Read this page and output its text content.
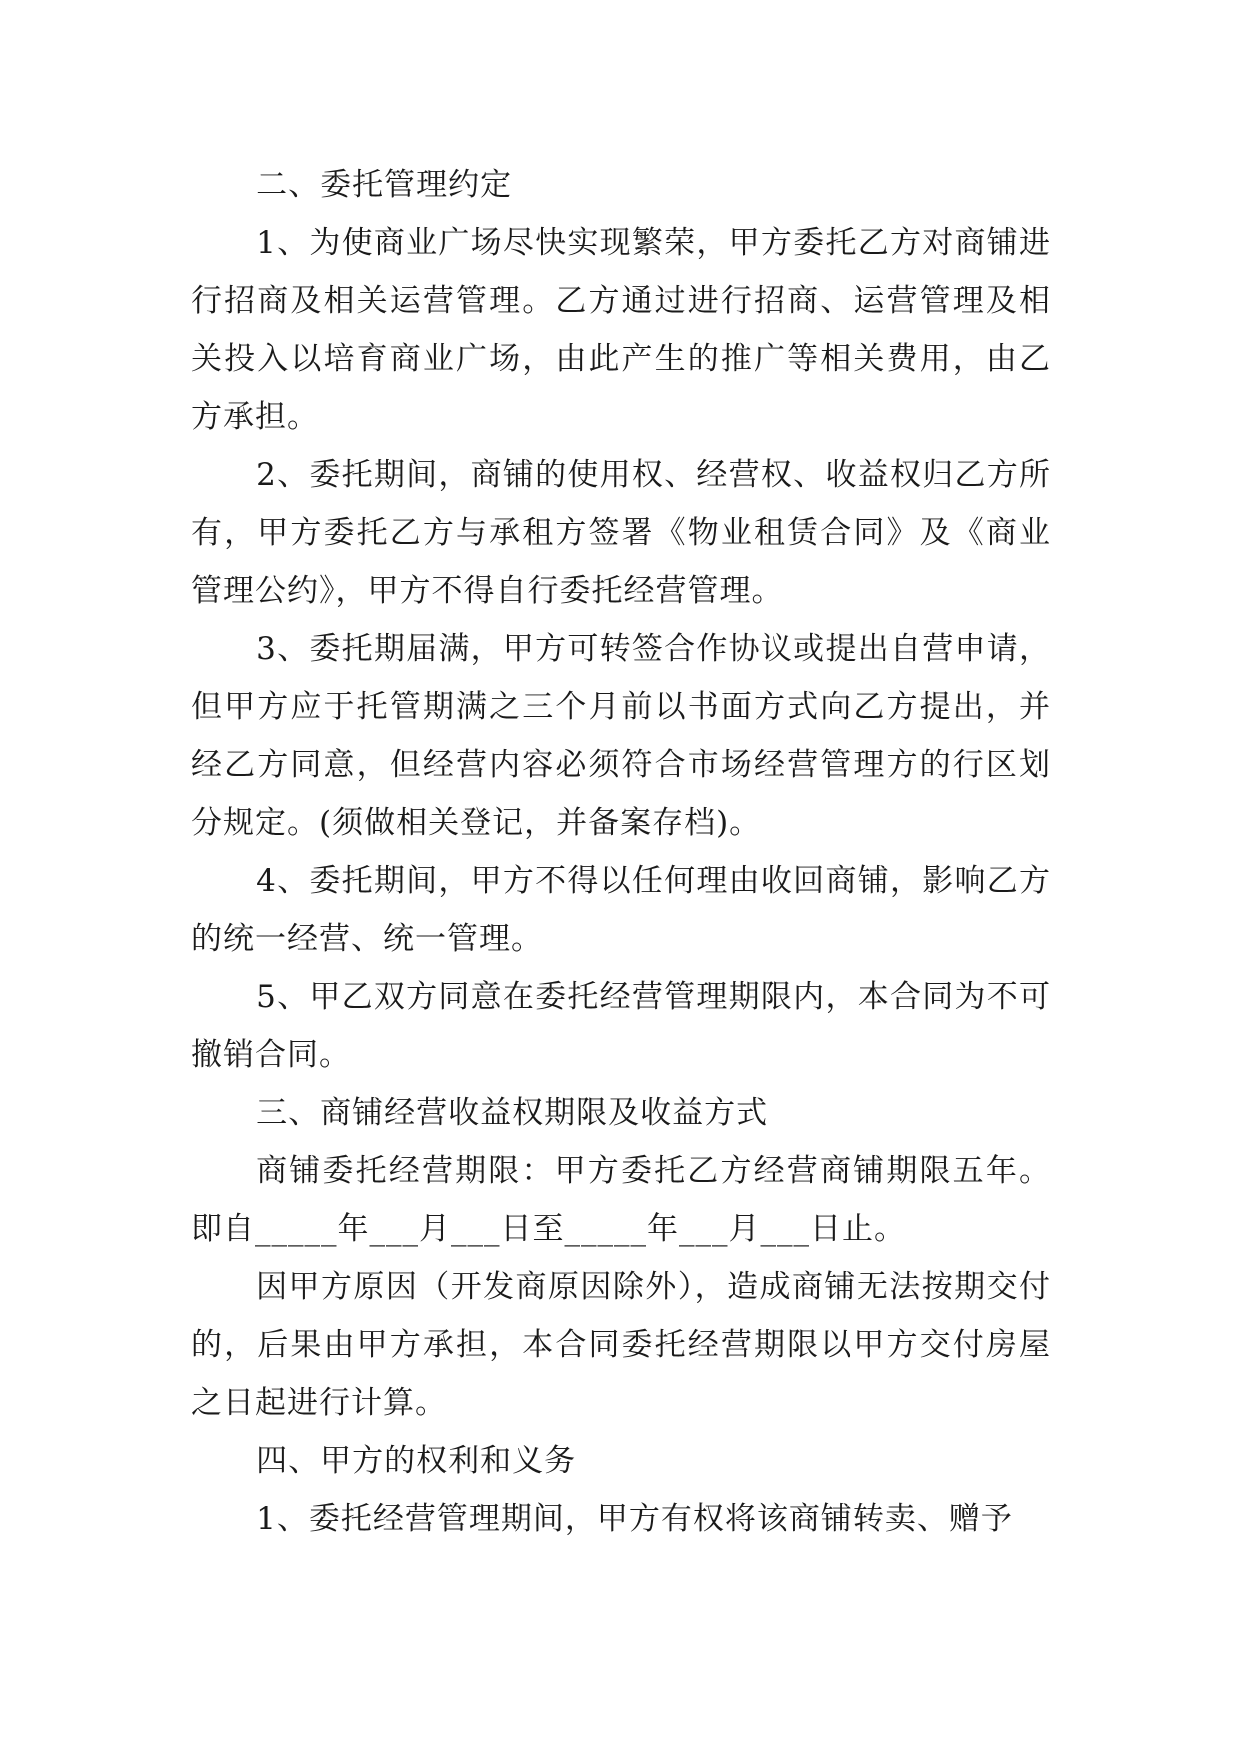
二、委托管理约定

1、为使商业广场尽快实现繁荣，甲方委托乙方对商铺进行招商及相关运营管理。乙方通过进行招商、运营管理及相关投入以培育商业广场，由此产生的推广等相关费用，由乙方承担。

2、委托期间，商铺的使用权、经营权、收益权归乙方所有，甲方委托乙方与承租方签署《物业租赁合同》及《商业管理公约》，甲方不得自行委托经营管理。

3、委托期届满，甲方可转签合作协议或提出自营申请，但甲方应于托管期满之三个月前以书面方式向乙方提出，并经乙方同意，但经营内容必须符合市场经营管理方的行区划分规定。(须做相关登记，并备案存档)。

4、委托期间，甲方不得以任何理由收回商铺，影响乙方的统一经营、统一管理。

5、甲乙双方同意在委托经营管理期限内，本合同为不可撤销合同。

三、商铺经营收益权期限及收益方式

商铺委托经营期限：甲方委托乙方经营商铺期限五年。即自_____年___月___日至_____年___月___日止。

因甲方原因（开发商原因除外），造成商铺无法按期交付的，后果由甲方承担，本合同委托经营期限以甲方交付房屋之日起进行计算。

四、甲方的权利和义务

1、委托经营管理期间，甲方有权将该商铺转卖、赠予
